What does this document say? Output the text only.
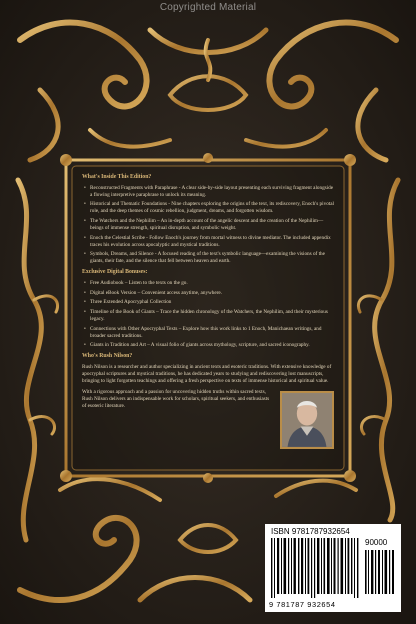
Copyrighted Material
What's Inside This Edition?
• Reconstructed Fragments with Paraphrase - A clear side-by-side layout presenting each surviving fragment alongside a flowing interpretive paraphrase to unlock its meaning.
• Historical and Thematic Foundations - Nine chapters exploring the origins of the text, its rediscovery, Enoch's pivotal role, and the deep themes of cosmic rebellion, judgment, dreams, and forgotten wisdom.
• The Watchers and the Nephilim – An in-depth account of the angelic descent and the creation of the Nephilim—beings of immense strength, spiritual disruption, and symbolic weight.
• Enoch the Celestial Scribe - Follow Enoch's journey from mortal witness to divine mediator. The included appendix traces his evolution across apocalyptic and mystical traditions.
• Symbols, Dreams, and Silence - A focused reading of the text's symbolic language—examining the visions of the giants, their fate, and the silence that fell between heaven and earth.
Exclusive Digital Bonuses:
• Free Audiobook – Listen to the texts on the go.
• Digital eBook Version – Convenient access anytime, anywhere.
• Three Extended Apocryphal Collection
• Timeline of the Book of Giants – Trace the hidden chronology of the Watchers, the Nephilim, and their mysterious legacy.
• Connections with Other Apocryphal Texts – Explore how this work links to 1 Enoch, Manichaean writings, and broader sacred traditions.
• Giants in Tradition and Art – A visual folio of giants across mythology, scripture, and sacred iconography.
Who's Rush Nilson?

Rush Nilson is a researcher and author specializing in ancient texts and esoteric traditions. With extensive knowledge of apocryphal scriptures and mystical traditions, he has dedicated years to studying and rediscovering lost manuscripts, bringing to light forgotten teachings and offering a fresh perspective on texts of immense historical and spiritual value.

With a rigorous approach and a passion for uncovering hidden truths within sacred texts, Rush Nilson delivers an indispensable work for scholars, spiritual seekers, and enthusiasts of esoteric literature.

ISBN 9781787932654
90000
9 781787 932654
